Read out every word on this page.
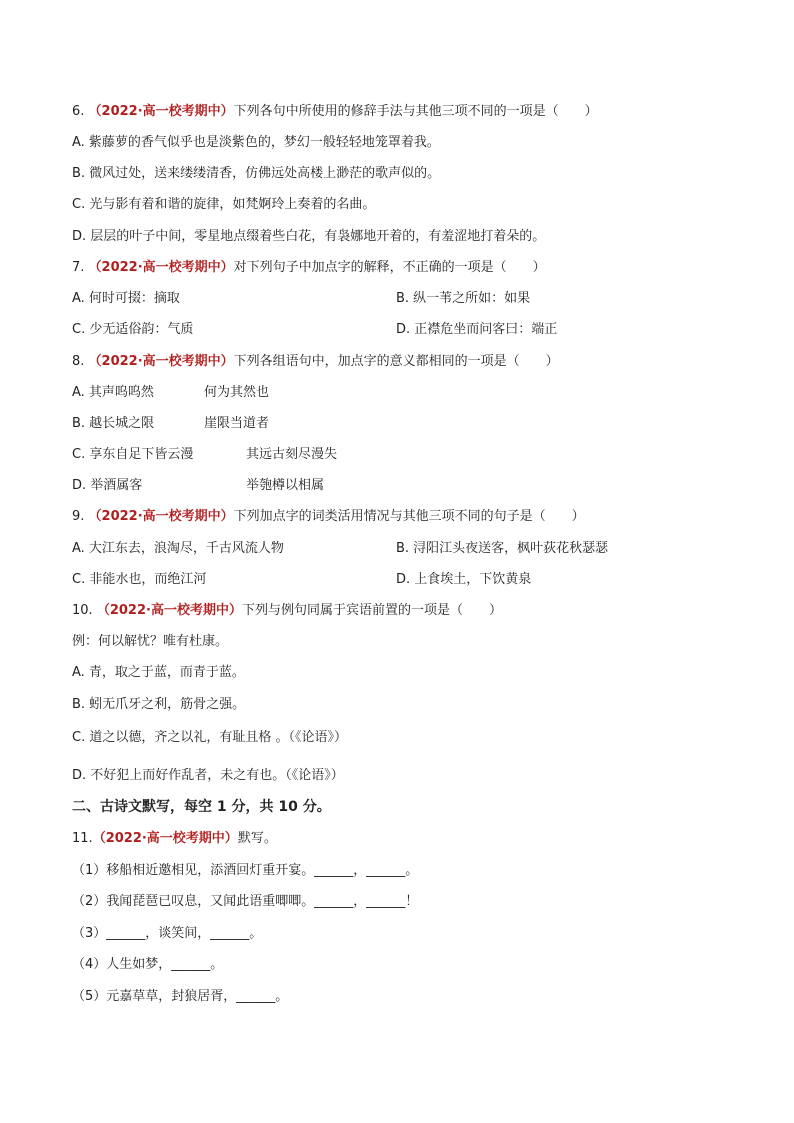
6. （2022·高一校考期中）下列各句中所使用的修辞手法与其他三项不同的一项是（　　）
A. 紫藤萝的香气似乎也是淡紫色的，梦幻一般轻轻地笼罩着我。
B. 微风过处，送来缕缕清香，仿佛远处高楼上渺茫的歌声似的。
C. 光与影有着和谐的旋律，如梵婀玲上奏着的名曲。
D. 层层的叶子中间，零星地点缀着些白花，有袅娜地开着的，有羞涩地打着朵的。
7. （2022·高一校考期中）对下列句子中加点字的解释，不正确的一项是（　　）
A. 何时可掇：摘取	B. 纵一苇之所如：如果
C. 少无适俗韵：气质	D. 正襟危坐而问客曰：端正
8. （2022·高一校考期中）下列各组语句中，加点字的意义都相同的一项是（　　）
A. 其声呜呜然	何为其然也
B. 越长城之限	崖限当道者
C. 享东自足下皆云漫	其远古刻尽漫失
D. 举酒属客	举匏樽以相属
9. （2022·高一校考期中）下列加点字的词类活用情况与其他三项不同的句子是（　　）
A. 大江东去，浪淘尽，千古风流人物	B. 浔阳江头夜送客，枫叶荻花秋瑟瑟
C. 非能水也，而绝江河	D. 上食埃土，下饮黄泉
10. （2022·高一校考期中）下列与例句同属于宾语前置的一项是（　　）
例：何以解忧？唯有杜康。
A. 青，取之于蓝，而青于蓝。
B. 蚓无爪牙之利，筋骨之强。
C. 道之以德，齐之以礼，有耻且格 。（《论语》）
D. 不好犯上而好作乱者，未之有也。（《论语》）
二、古诗文默写，每空 1 分，共 10 分。
11.（2022·高一校考期中）默写。
（1）移船相近邀相见，添酒回灯重开宴。______，______。
（2）我闻琵琶已叹息，又闻此语重唧唧。______，______！
（3）______，谈笑间，______。
（4）人生如梦，______。
（5）元嘉草草，封狼居胥，______。
